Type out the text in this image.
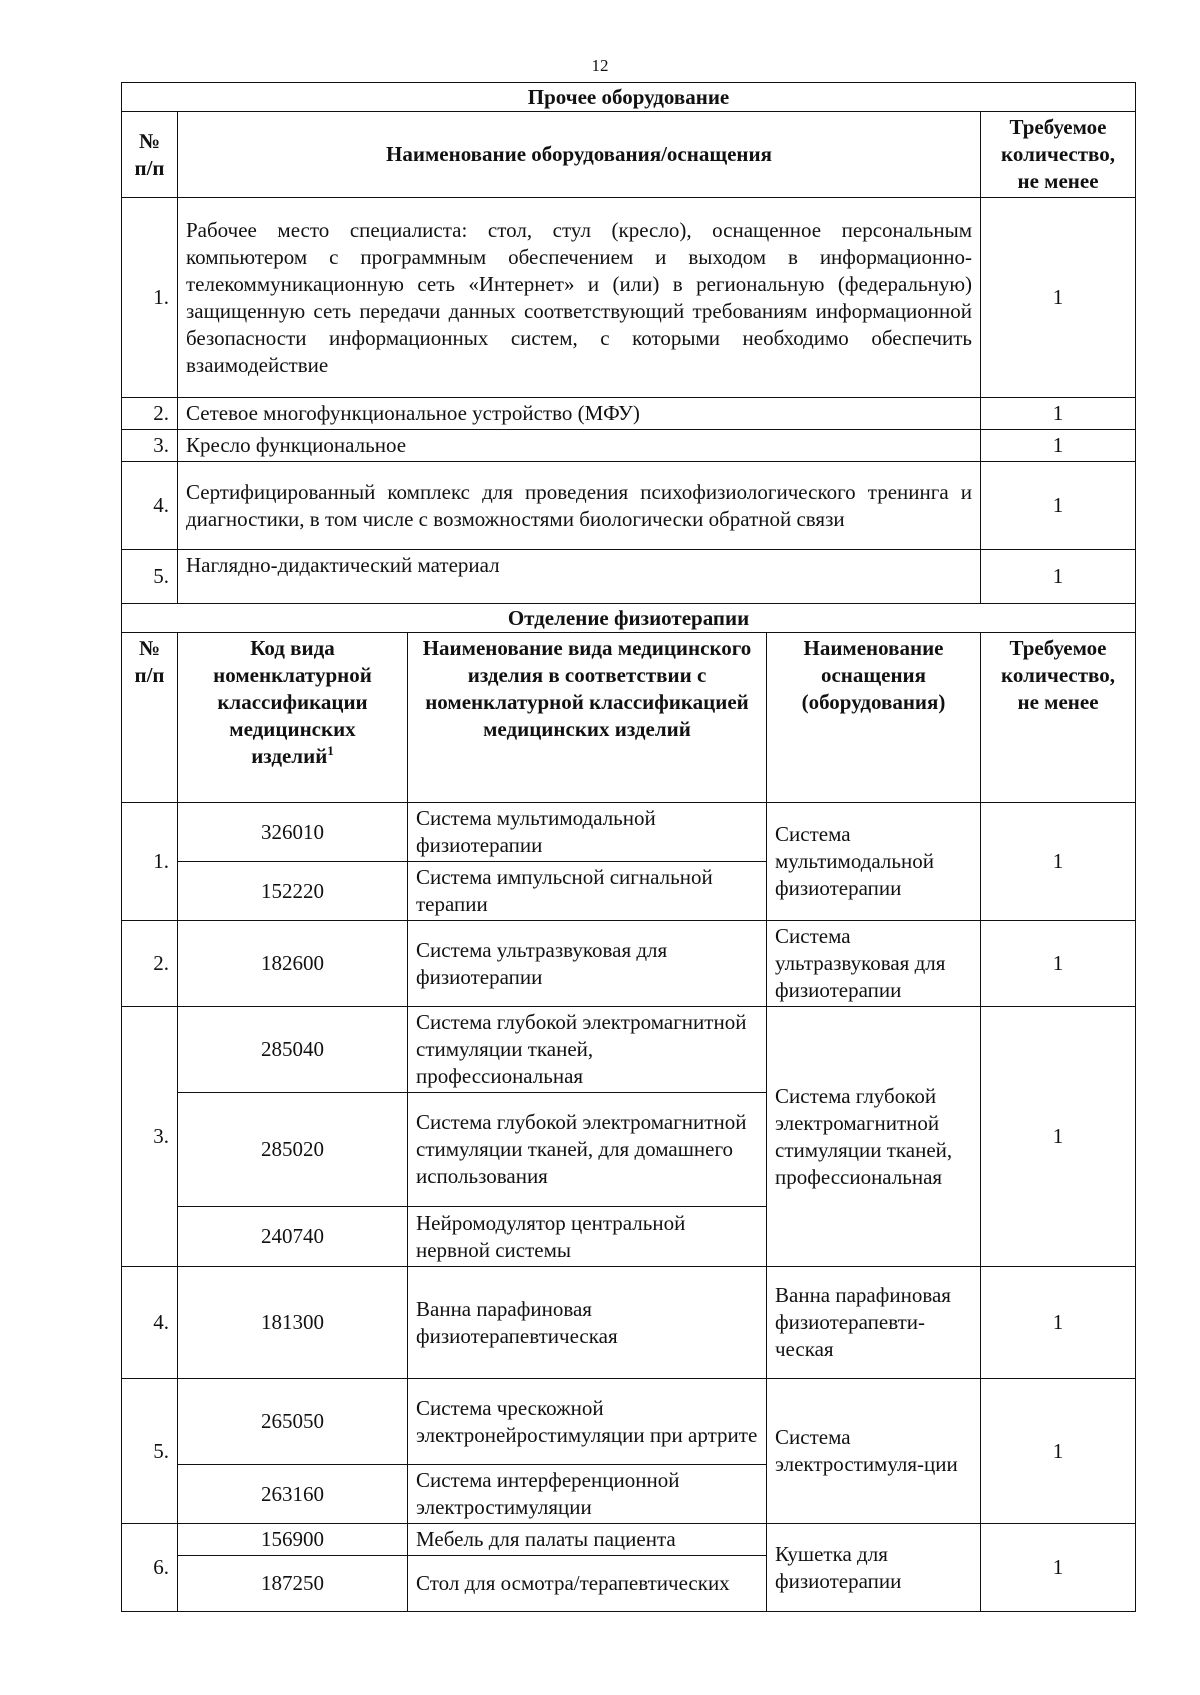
12
Прочее оборудование				
№ п/п	Наименование оборудования/оснащения			Требуемое количество, не менее
1.	Рабочее место специалиста: стол, стул (кресло), оснащенное персональным компьютером с программным обеспечением и выходом в информационно-телекоммуникационную сеть «Интернет» и (или) в региональную (федеральную) защищенную сеть передачи данных соответствующий требованиям информационной безопасности информационных систем, с которыми необходимо обеспечить взаимодействие			1
2.	Сетевое многофункциональное устройство (МФУ)			1
3.	Кресло функциональное			1
4.	Сертифицированный комплекс для проведения психофизиологического тренинга и диагностики, в том числе с возможностями биологически обратной связи			1
5.	Наглядно-дидактический материал			1
Отделение физиотерапии				
№ п/п	Код вида номенклатурной классификации медицинских изделий$^1$	Наименование вида медицинского изделия в соответствии с номенклатурной классификацией медицинских изделий	Наименование оснащения (оборудования)	Требуемое количество, не менее
1.	326010	Система мультимодальной физиотерапии	Система мультимодальной физиотерапии	1
	152220	Система импульсной сигнальной терапии		
2.	182600	Система ультразвуковая для физиотерапии	Система ультразвуковая для физиотерапии	1
3.	285040	Система глубокой электромагнитной стимуляции тканей, профессиональная	Система глубокой электромагнитной стимуляции тканей, профессиональная	1
	285020	Система глубокой электромагнитной стимуляции тканей, для домашнего использования		
	240740	Нейромодулятор центральной нервной системы		
4.	181300	Ванна парафиновая физиотерапевтическая	Ванна парафиновая физиотерапевти-ческая	1
5.	265050	Система чрескожной электронейростимуляции при артрите	Система электростимуля-ции	1
	263160	Система интерференционной электростимуляции		
6.	156900	Мебель для палаты пациента	Кушетка для физиотерапии	1
	187250	Стол для осмотра/терапевтических		
